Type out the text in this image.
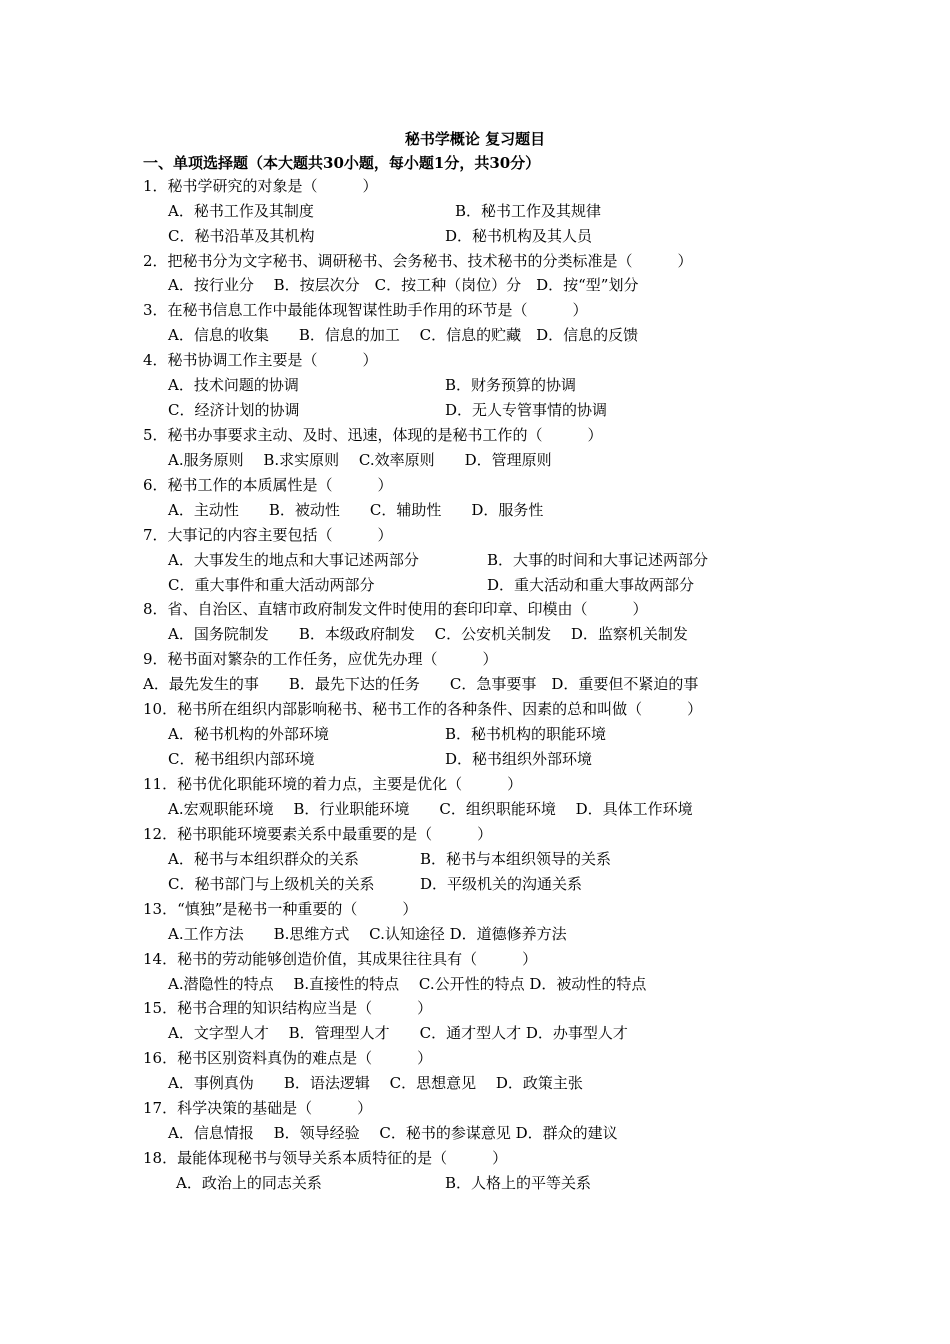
秘书学概论 复习题目
一、单项选择题（本大题共30小题，每小题1分，共30分）
1．秘书学研究的对象是（　　　）
A．秘书工作及其制度	B．秘书工作及其规律
C．秘书沿革及其机构	D．秘书机构及其人员
2．把秘书分为文字秘书、调研秘书、会务秘书、技术秘书的分类标准是（　　　）
A．按行业分　 B．按层次分　C．按工种（岗位）分　D．按“型”划分
3．在秘书信息工作中最能体现智谋性助手作用的环节是（　　　）
A．信息的收集　　B．信息的加工　 C．信息的贮藏　D．信息的反馈
4．秘书协调工作主要是（　　　）
A．技术问题的协调	B．财务预算的协调
C．经济计划的协调	D．无人专管事情的协调
5．秘书办事要求主动、及时、迅速，体现的是秘书工作的（　　　）
A.服务原则　 B.求实原则　 C.效率原则　　D．管理原则
6．秘书工作的本质属性是（　　　）
A．主动性　　B．被动性　　C．辅助性　　D．服务性
7．大事记的内容主要包括（　　　）
A．大事发生的地点和大事记述两部分	B．大事的时间和大事记述两部分
C．重大事件和重大活动两部分	D．重大活动和重大事故两部分
8．省、自治区、直辖市政府制发文件时使用的套印印章、印模由（　　　）
A．国务院制发　　B．本级政府制发　 C．公安机关制发　 D．监察机关制发
9．秘书面对繁杂的工作任务，应优先办理（　　　）
A．最先发生的事　　B．最先下达的任务　　C．急事要事　D．重要但不紧迫的事
10．秘书所在组织内部影响秘书、秘书工作的各种条件、因素的总和叫做（　　　）
A．秘书机构的外部环境	B．秘书机构的职能环境
C．秘书组织内部环境	D．秘书组织外部环境
11．秘书优化职能环境的着力点，主要是优化（　　　）
A.宏观职能环境　 B．行业职能环境　　C．组织职能环境　 D．具体工作环境
12．秘书职能环境要素关系中最重要的是（　　　）
A．秘书与本组织群众的关系	B．秘书与本组织领导的关系
C．秘书部门与上级机关的关系	D．平级机关的沟通关系
13．“慎独”是秘书一种重要的（　　　）
A.工作方法　　B.思维方式　 C.认知途径 D．道德修养方法
14．秘书的劳动能够创造价值，其成果往往具有（　　　）
A.潜隐性的特点　 B.直接性的特点　 C.公开性的特点 D．被动性的特点
15．秘书合理的知识结构应当是（　　　）
A．文字型人才　 B．管理型人才　　C．通才型人才 D．办事型人才
16．秘书区别资料真伪的难点是（　　　）
A．事例真伪　　B．语法逻辑　 C．思想意见　 D．政策主张
17．科学决策的基础是（　　　）
A．信息情报　 B．领导经验　 C．秘书的参谋意见 D．群众的建议
18．最能体现秘书与领导关系本质特征的是（　　　）
A．政治上的同志关系	B．人格上的平等关系
